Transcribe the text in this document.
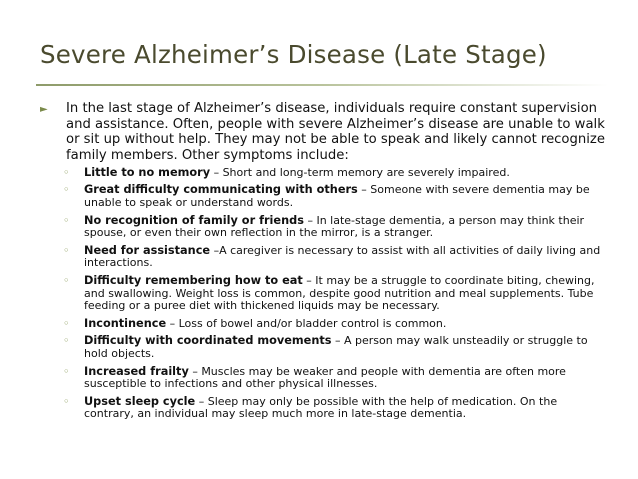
Severe Alzheimer’s Disease (Late Stage)
► In the last stage of Alzheimer’s disease, individuals require constant supervision and assistance. Often, people with severe Alzheimer’s disease are unable to walk or sit up without help. They may not be able to speak and likely cannot recognize family members. Other symptoms include:
◦ Little to no memory – Short and long-term memory are severely impaired.
◦ Great difficulty communicating with others – Someone with severe dementia may be unable to speak or understand words.
◦ No recognition of family or friends – In late-stage dementia, a person may think their spouse, or even their own reflection in the mirror, is a stranger.
◦ Need for assistance –A caregiver is necessary to assist with all activities of daily living and interactions.
◦ Difficulty remembering how to eat – It may be a struggle to coordinate biting, chewing, and swallowing. Weight loss is common, despite good nutrition and meal supplements. Tube feeding or a puree diet with thickened liquids may be necessary.
◦ Incontinence – Loss of bowel and/or bladder control is common.
◦ Difficulty with coordinated movements – A person may walk unsteadily or struggle to hold objects.
◦ Increased frailty – Muscles may be weaker and people with dementia are often more susceptible to infections and other physical illnesses.
◦ Upset sleep cycle – Sleep may only be possible with the help of medication. On the contrary, an individual may sleep much more in late-stage dementia.
